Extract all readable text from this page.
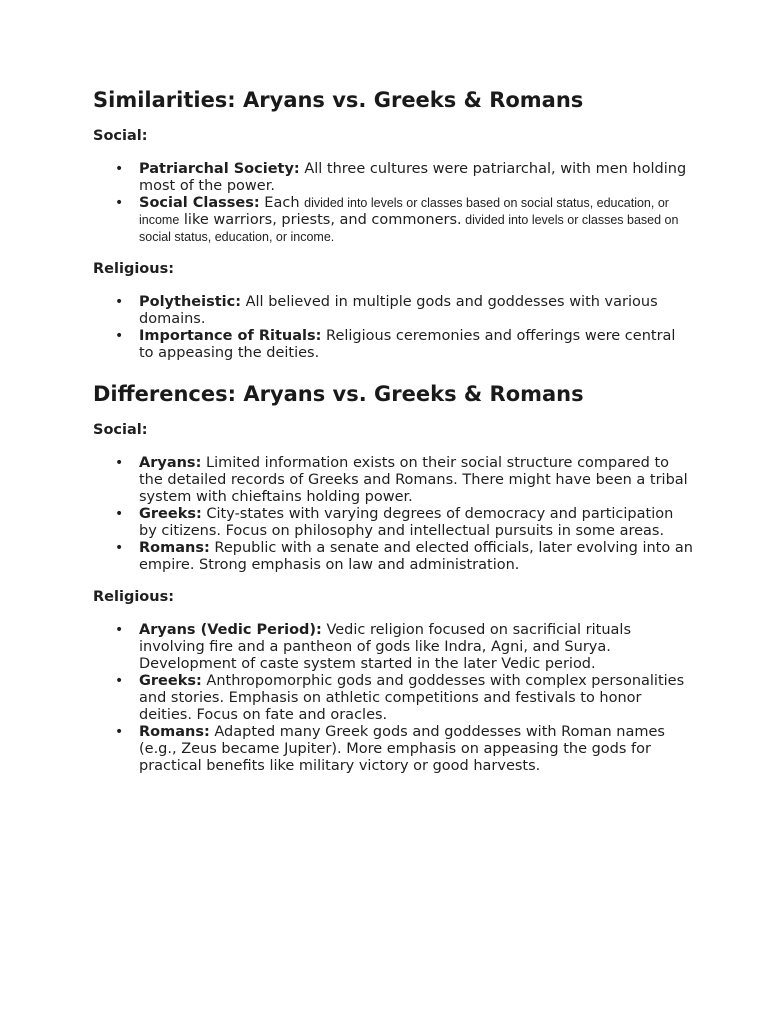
Similarities: Aryans vs. Greeks & Romans

Social:

• Patriarchal Society: All three cultures were patriarchal, with men holding most of the power.
• Social Classes: Each divided into levels or classes based on social status, education, or income like warriors, priests, and commoners. divided into levels or classes based on social status, education, or income.

Religious:

• Polytheistic: All believed in multiple gods and goddesses with various domains.
• Importance of Rituals: Religious ceremonies and offerings were central to appeasing the deities.
Differences: Aryans vs. Greeks & Romans

Social:

• Aryans: Limited information exists on their social structure compared to the detailed records of Greeks and Romans. There might have been a tribal system with chieftains holding power.
• Greeks: City-states with varying degrees of democracy and participation by citizens. Focus on philosophy and intellectual pursuits in some areas.
• Romans: Republic with a senate and elected officials, later evolving into an empire. Strong emphasis on law and administration.

Religious:

• Aryans (Vedic Period): Vedic religion focused on sacrificial rituals involving fire and a pantheon of gods like Indra, Agni, and Surya. Development of caste system started in the later Vedic period.
• Greeks: Anthropomorphic gods and goddesses with complex personalities and stories. Emphasis on athletic competitions and festivals to honor deities. Focus on fate and oracles.
• Romans: Adapted many Greek gods and goddesses with Roman names (e.g., Zeus became Jupiter). More emphasis on appeasing the gods for practical benefits like military victory or good harvests.
